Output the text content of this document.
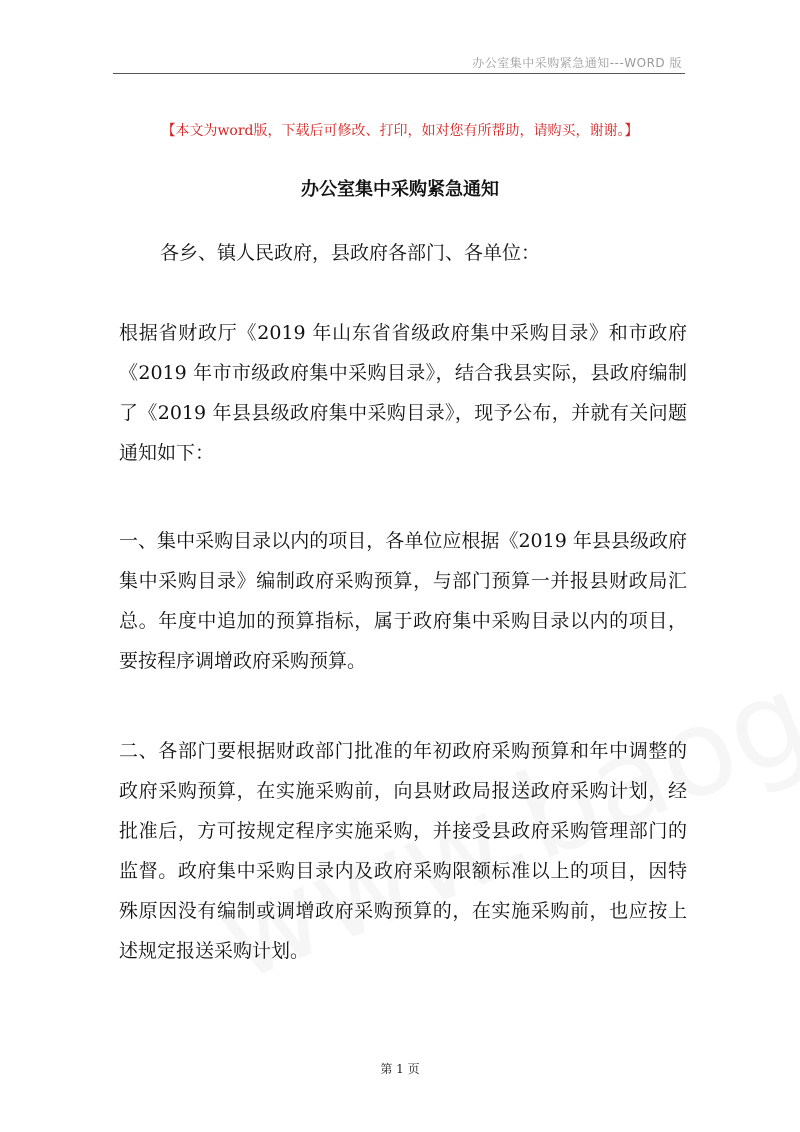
办公室集中采购紧急通知---WORD 版
【本文为word版，下载后可修改、打印，如对您有所帮助，请购买，谢谢。】
办公室集中采购紧急通知
各乡、镇人民政府，县政府各部门、各单位：
根据省财政厅《2019 年山东省省级政府集中采购目录》和市政府《2019 年市市级政府集中采购目录》，结合我县实际，县政府编制了《2019 年县县级政府集中采购目录》，现予公布，并就有关问题通知如下：
一、集中采购目录以内的项目，各单位应根据《2019 年县县级政府集中采购目录》编制政府采购预算，与部门预算一并报县财政局汇总。年度中追加的预算指标，属于政府集中采购目录以内的项目，要按程序调增政府采购预算。
二、各部门要根据财政部门批准的年初政府采购预算和年中调整的政府采购预算，在实施采购前，向县财政局报送政府采购计划，经批准后，方可按规定程序实施采购，并接受县政府采购管理部门的监督。政府集中采购目录内及政府采购限额标准以上的项目，因特殊原因没有编制或调增政府采购预算的，在实施采购前，也应按上述规定报送采购计划。
第 1 页
